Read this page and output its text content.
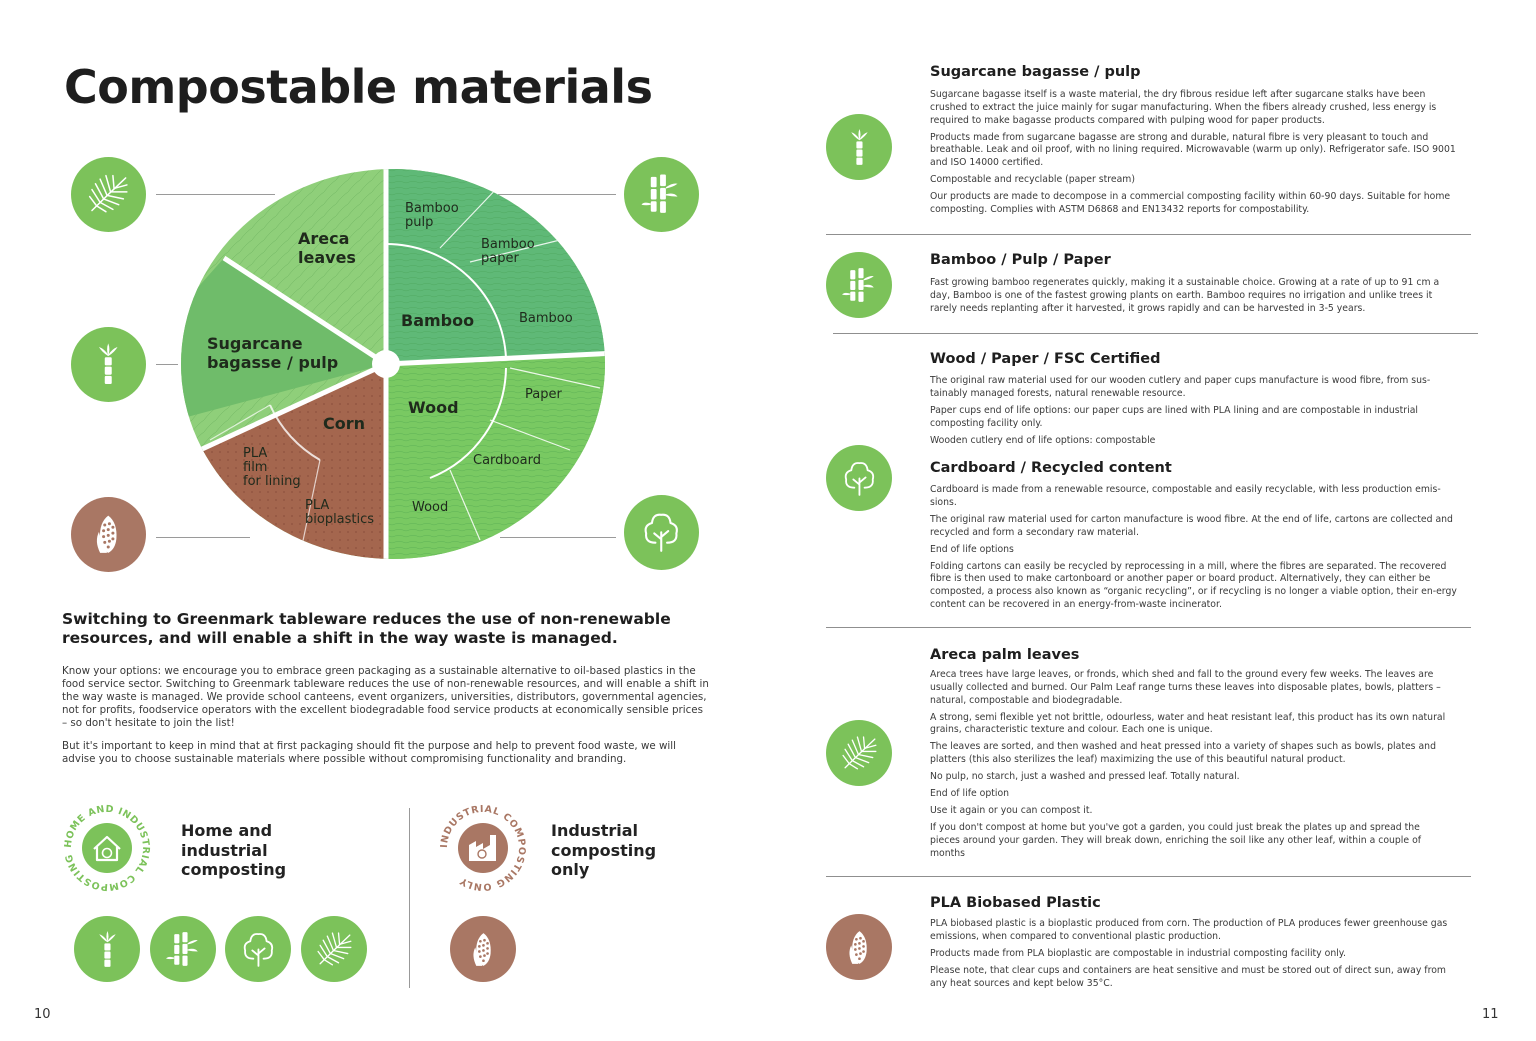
Compostable materials
Areca leaves
Sugarcane bagasse / pulp
Bamboo
Bamboo pulp
Bamboo paper
Bamboo
Wood
Paper
Cardboard
Wood
Corn
PLA film for lining
PLA bioplastics
Switching to Greenmark tableware reduces the use of non-renewable resources, and will enable a shift in the way waste is managed.

Know your options: we encourage you to embrace green packaging as a sustainable alternative to oil-based plastics in the food service sector. Switching to Greenmark tableware reduces the use of non-renewable resources, and will enable a shift in the way waste is managed. We provide school canteens, event organizers, universities, distributors, governmental agencies, not for profits, foodservice operators with the excellent biodegradable food service products at economically sensible prices – so don't hesitate to join the list!

But it's important to keep in mind that at first packaging should fit the purpose and help to prevent food waste, we will advise you to choose sustainable materials where possible without compromising functionality and branding.

HOME AND INDUSTRIAL COMPOSTING
Home and
industrial
composting
INDUSTRIAL COMPOSTING ONLY
Industrial
composting
only
10
Sugarcane bagasse / pulp

Sugarcane bagasse itself is a waste material, the dry fibrous residue left after sugarcane stalks have been crushed to extract the juice mainly for sugar manufacturing. When the fibers already crushed, less energy is required to make bagasse products compared with pulping wood for paper products.

Products made from sugarcane bagasse are strong and durable, natural fibre is very pleasant to touch and breathable. Leak and oil proof, with no lining required. Microwavable (warm up only). Refrigerator safe. ISO 9001 and ISO 14000 certified.

Compostable and recyclable (paper stream)

Our products are made to decompose in a commercial composting facility within 60-90 days. Suitable for home composting. Complies with ASTM D6868 and EN13432 reports for compostability.

Bamboo / Pulp / Paper

Fast growing bamboo regenerates quickly, making it a sustainable choice. Growing at a rate of up to 91 cm a day, Bamboo is one of the fastest growing plants on earth. Bamboo requires no irrigation and unlike trees it rarely needs replanting after it harvested, it grows rapidly and can be harvested in 3-5 years.

Wood / Paper / FSC Certified

The original raw material used for our wooden cutlery and paper cups manufacture is wood fibre, from sus-tainably managed forests, natural renewable resource.

Paper cups end of life options: our paper cups are lined with PLA lining and are compostable in industrial composting facility only.

Wooden cutlery end of life options: compostable

Cardboard / Recycled content

Cardboard is made from a renewable resource, compostable and easily recyclable, with less production emis-sions.

The original raw material used for carton manufacture is wood fibre. At the end of life, cartons are collected and recycled and form a secondary raw material.

End of life options

Folding cartons can easily be recycled by reprocessing in a mill, where the fibres are separated. The recovered fibre is then used to make cartonboard or another paper or board product. Alternatively, they can either be composted, a process also known as “organic recycling”, or if recycling is no longer a viable option, their en-ergy content can be recovered in an energy-from-waste incinerator.

Areca palm leaves

Areca trees have large leaves, or fronds, which shed and fall to the ground every few weeks. The leaves are usually collected and burned. Our Palm Leaf range turns these leaves into disposable plates, bowls, platters – natural, compostable and biodegradable.

A strong, semi flexible yet not brittle, odourless, water and heat resistant leaf, this product has its own natural grains, characteristic texture and colour. Each one is unique.

The leaves are sorted, and then washed and heat pressed into a variety of shapes such as bowls, plates and platters (this also sterilizes the leaf) maximizing the use of this beautiful natural product.

No pulp, no starch, just a washed and pressed leaf. Totally natural.

End of life option

Use it again or you can compost it.

If you don't compost at home but you've got a garden, you could just break the plates up and spread the pieces around your garden. They will break down, enriching the soil like any other leaf, within a couple of months

PLA Biobased Plastic

PLA biobased plastic is a bioplastic produced from corn. The production of PLA produces fewer greenhouse gas emissions, when compared to conventional plastic production.

Products made from PLA bioplastic are compostable in industrial composting facility only.

Please note, that clear cups and containers are heat sensitive and must be stored out of direct sun, away from any heat sources and kept below 35°C.

11
